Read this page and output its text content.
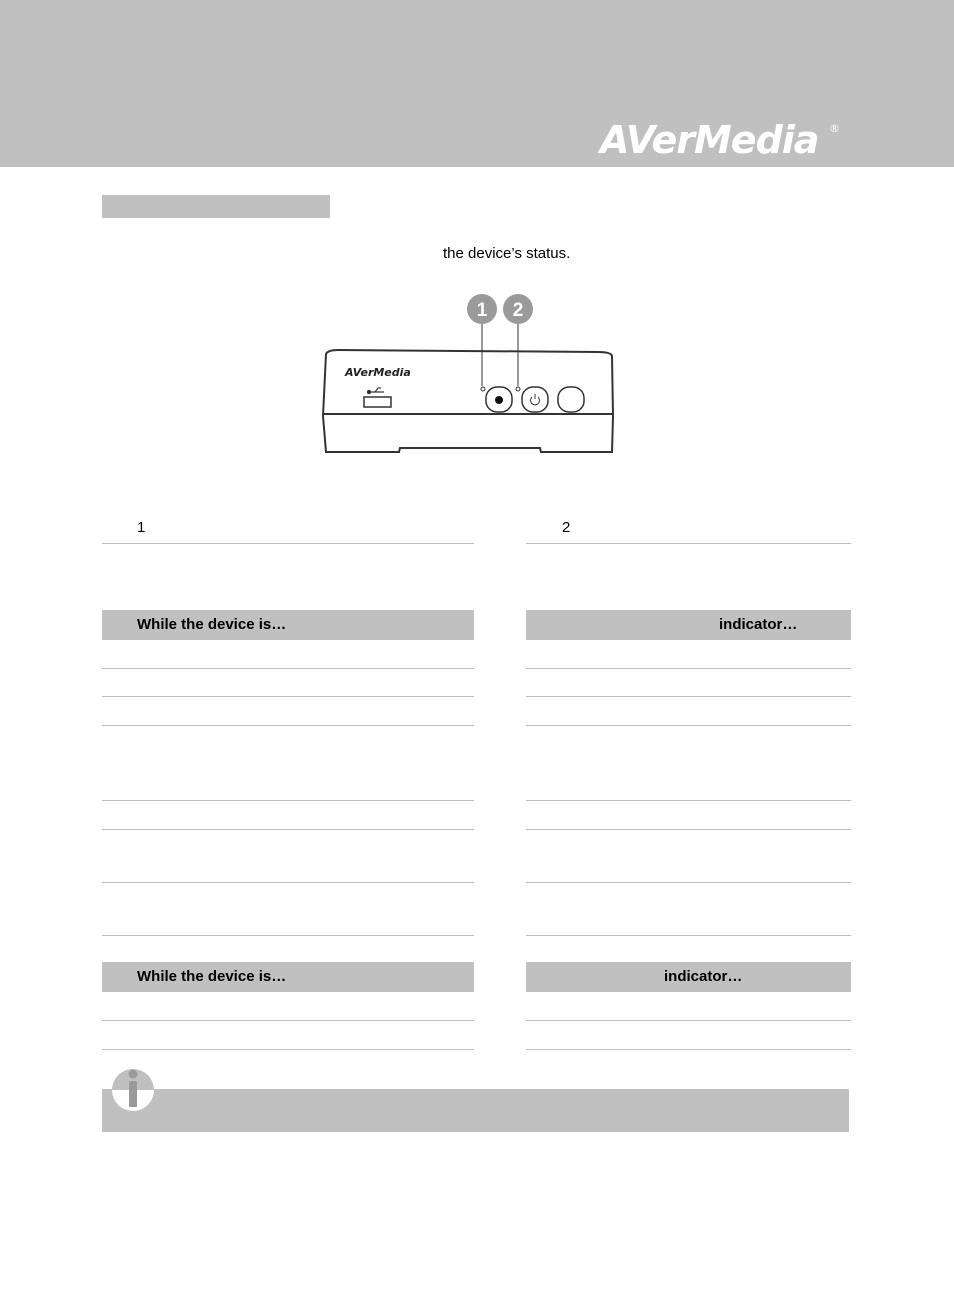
AVerMedia ®
the device’s status.
1 2
AVerMedia
1	2
While the device is…	indicator…
While the device is…	indicator…
